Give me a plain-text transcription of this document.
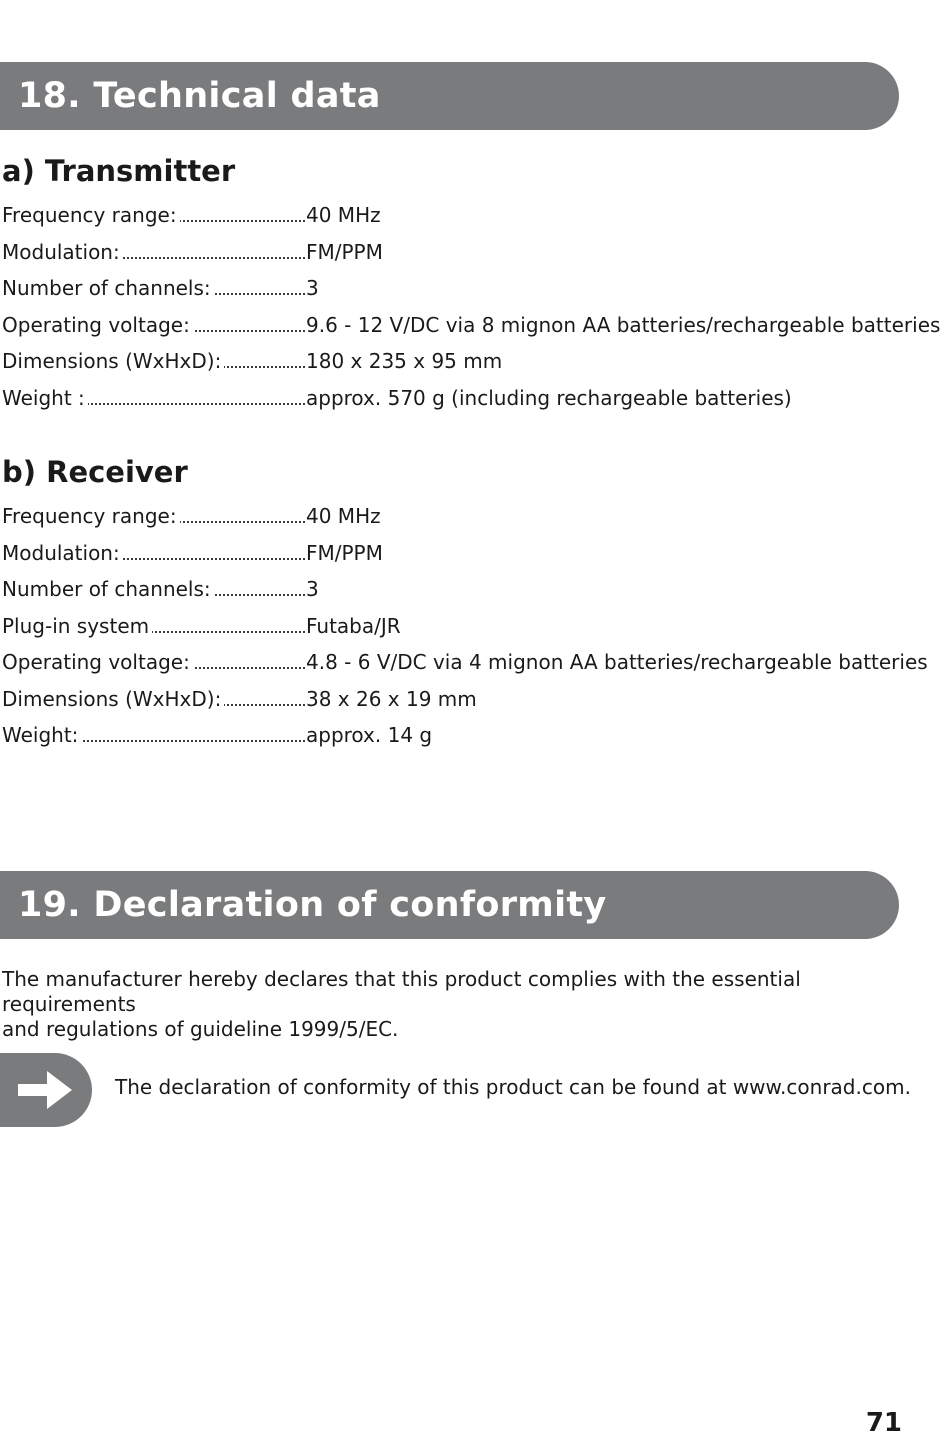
18. Technical data
a) Transmitter
Frequency range:	40 MHz
Modulation:	FM/PPM
Number of channels:	3
Operating voltage:	9.6 - 12 V/DC via 8 mignon AA batteries/rechargeable batteries
Dimensions (WxHxD):	180 x 235 x 95 mm
Weight :	approx. 570 g (including rechargeable batteries)
b) Receiver
Frequency range:	40 MHz
Modulation:	FM/PPM
Number of channels:	3
Plug-in system	Futaba/JR
Operating voltage:	4.8 - 6 V/DC via 4 mignon AA batteries/rechargeable batteries
Dimensions (WxHxD):	38 x 26 x 19 mm
Weight:	approx. 14 g
19. Declaration of conformity
The manufacturer hereby declares that this product complies with the essential requirements
and regulations of guideline 1999/5/EC.
The declaration of conformity of this product can be found at www.conrad.com.
71
